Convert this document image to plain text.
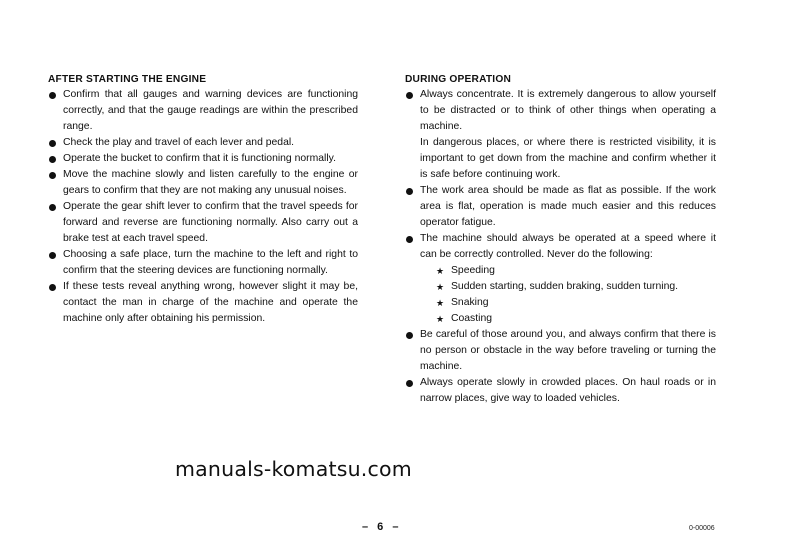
AFTER STARTING THE ENGINE

Confirm that all gauges and warning devices are functioning correctly, and that the gauge readings are within the prescribed range.
Check the play and travel of each lever and pedal.
Operate the bucket to confirm that it is functioning normally.
Move the machine slowly and listen carefully to the engine or gears to confirm that they are not making any unusual noises.
Operate the gear shift lever to confirm that the travel speeds for forward and reverse are functioning normally. Also carry out a brake test at each travel speed.
Choosing a safe place, turn the machine to the left and right to confirm that the steering devices are functioning normally.
If these tests reveal anything wrong, however slight it may be, contact the man in charge of the machine and operate the machine only after obtaining his permission.

DURING OPERATION

Always concentrate. It is extremely dangerous to allow yourself to be distracted or to think of other things when operating a machine.
In dangerous places, or where there is restricted visibility, it is important to get down from the machine and confirm whether it is safe before continuing work.
The work area should be made as flat as possible. If the work area is flat, operation is made much easier and this reduces operator fatigue.
The machine should always be operated at a speed where it can be correctly controlled. Never do the following:
★ Speeding
★ Sudden starting, sudden braking, sudden turning.
★ Snaking
★ Coasting
Be careful of those around you, and always confirm that there is no person or obstacle in the way before traveling or turning the machine.
Always operate slowly in crowded places. On haul roads or in narrow places, give way to loaded vehicles.
manuals-komatsu.com
– 6 –	0-00006
